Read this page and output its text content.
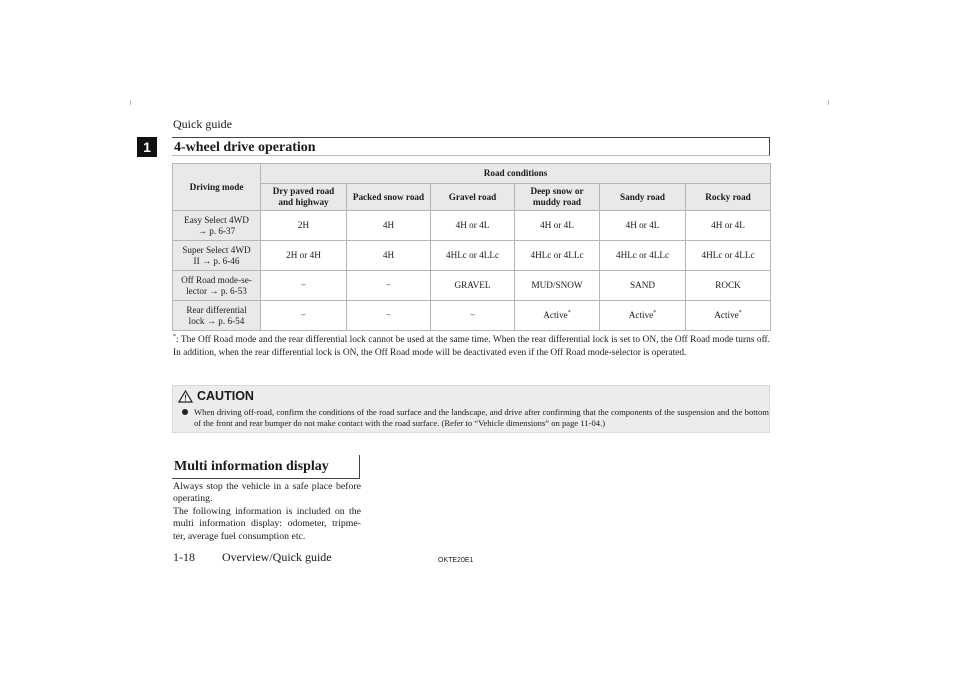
Quick guide
1	4-wheel drive operation
Driving mode	Road conditions					
	Dry paved road
and highway	Packed snow road	Gravel road	Deep snow or
muddy road	Sandy road	Rocky road
Easy Select 4WD
→ p. 6-37	2H	4H	4H or 4L	4H or 4L	4H or 4L	4H or 4L
Super Select 4WD
II → p. 6-46	2H or 4H	4H	4HLc or 4LLc	4HLc or 4LLc	4HLc or 4LLc	4HLc or 4LLc
Off Road mode-se-
lector → p. 6-53	−	−	GRAVEL	MUD/SNOW	SAND	ROCK
Rear differential
lock → p. 6-54	−	−	−	Active*	Active*	Active*
*: The Off Road mode and the rear differential lock cannot be used at the same time. When the rear differential lock is set to ON, the Off Road mode turns off. In addition, when the rear differential lock is ON, the Off Road mode will be deactivated even if the Off Road mode-selector is operated.
CAUTION
When driving off-road, confirm the conditions of the road surface and the landscape, and drive after confirming that the components of the suspension and the bottom of the front and rear bumper do not make contact with the road surface. (Refer to “Vehicle dimensions” on page 11-04.)
Multi information display

Always stop the vehicle in a safe place before operating.

The following information is included on the multi information display: odometer, tripme-ter, average fuel consumption etc.

1-18 Overview/Quick guide	OKTE20E1
